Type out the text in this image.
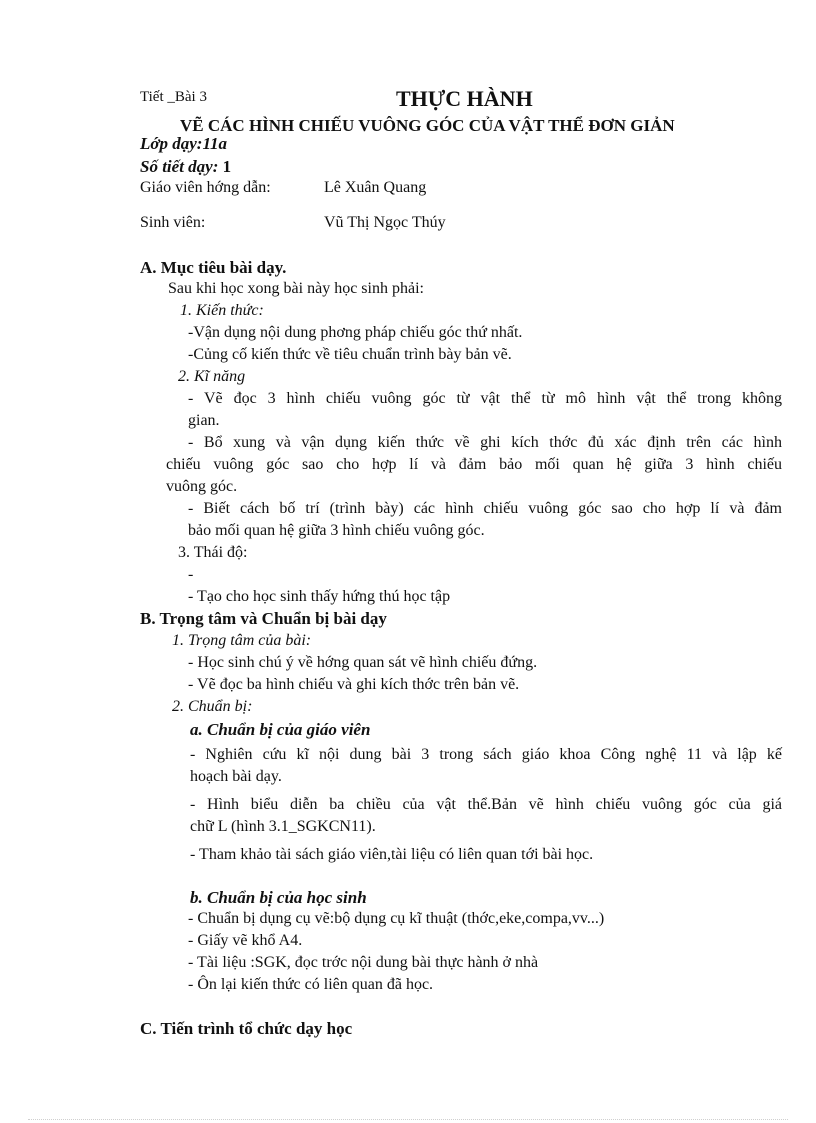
Tiết _Bài 3	THỰC HÀNH
VẼ CÁC HÌNH CHIẾU VUÔNG GÓC CỦA VẬT THỂ ĐƠN GIẢN
Lớp dạy:11a
Số tiết dạy: 1
Giáo viên hớng dẫn:	Lê Xuân Quang
Sinh viên:	Vũ Thị Ngọc Thúy
A. Mục tiêu bài dạy.
Sau khi học xong bài này học sinh phải:
1. Kiến thức:
-Vận dụng nội dung phơng pháp chiếu góc thứ nhất.
-Củng cố kiến thức về tiêu chuẩn trình bày bản vẽ.
2. Kĩ năng
- Vẽ đọc 3 hình chiếu vuông góc từ vật thể từ mô hình vật thể trong không
gian.
- Bổ xung và vận dụng kiến thức về ghi kích thớc đủ xác định trên các hình
chiếu vuông góc sao cho hợp lí và đảm bảo mối quan hệ giữa 3 hình chiếu
vuông góc.
- Biết cách bố trí (trình bày) các hình chiếu vuông góc sao cho hợp lí và đảm
bảo mối quan hệ giữa 3 hình chiếu vuông góc.
3. Thái độ:
-
- Tạo cho học sinh thấy hứng thú học tập
B. Trọng tâm và Chuẩn bị bài dạy
1. Trọng tâm của bài:
- Học sinh chú ý về hớng quan sát vẽ hình chiếu đứng.
- Vẽ đọc ba hình chiếu và ghi kích thớc trên bản vẽ.
2. Chuẩn bị:
a. Chuẩn bị của giáo viên
- Nghiên cứu kĩ nội dung bài 3 trong sách giáo khoa Công nghệ 11 và lập kế
hoạch bài dạy.
- Hình biểu diễn ba chiều của vật thể.Bản vẽ hình chiếu vuông góc của giá
chữ L (hình 3.1_SGKCN11).
- Tham khảo tài sách giáo viên,tài liệu có liên quan tới bài học.
b. Chuẩn bị của học sinh
- Chuẩn bị dụng cụ vẽ:bộ dụng cụ kĩ thuật (thớc,eke,compa,vv...)
- Giấy vẽ khổ A4.
- Tài liệu :SGK, đọc trớc nội dung bài thực hành ở nhà
- Ôn lại kiến thức có liên quan đã học.
C. Tiến trình tổ chức dạy học
